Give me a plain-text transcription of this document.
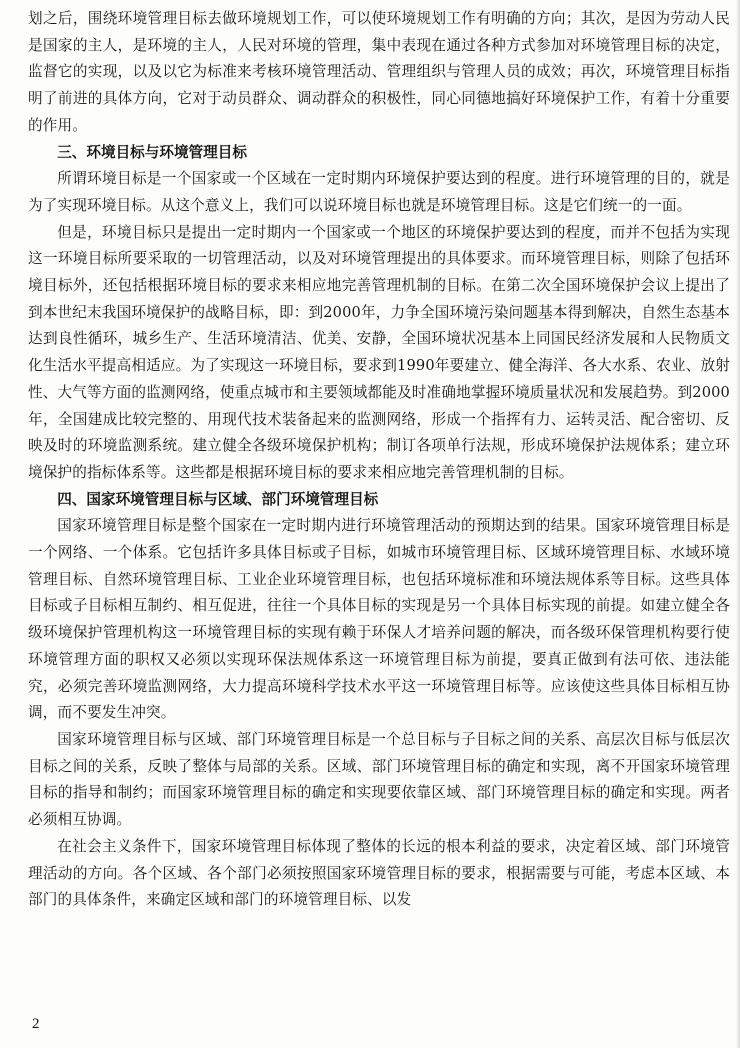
划之后，围绕环境管理目标去做环境规划工作，可以使环境规划工作有明确的方向；其次，是因为劳动人民是国家的主人，是环境的主人，人民对环境的管理，集中表现在通过各种方式参加对环境管理目标的决定，监督它的实现，以及以它为标准来考核环境管理活动、管理组织与管理人员的成效；再次，环境管理目标指明了前进的具体方向，它对于动员群众、调动群众的积极性，同心同德地搞好环境保护工作，有着十分重要的作用。

三、环境目标与环境管理目标

所谓环境目标是一个国家或一个区域在一定时期内环境保护要达到的程度。进行环境管理的目的，就是为了实现环境目标。从这个意义上，我们可以说环境目标也就是环境管理目标。这是它们统一的一面。

但是，环境目标只是提出一定时期内一个国家或一个地区的环境保护要达到的程度，而并不包括为实现这一环境目标所要采取的一切管理活动，以及对环境管理提出的具体要求。而环境管理目标，则除了包括环境目标外，还包括根据环境目标的要求来相应地完善管理机制的目标。在第二次全国环境保护会议上提出了到本世纪末我国环境保护的战略目标，即：到2000年，力争全国环境污染问题基本得到解决，自然生态基本达到良性循环，城乡生产、生活环境清洁、优美、安静，全国环境状况基本上同国民经济发展和人民物质文化生活水平提高相适应。为了实现这一环境目标，要求到1990年要建立、健全海洋、各大水系、农业、放射性、大气等方面的监测网络，使重点城市和主要领域都能及时准确地掌握环境质量状况和发展趋势。到2000年，全国建成比较完整的、用现代技术装备起来的监测网络，形成一个指挥有力、运转灵活、配合密切、反映及时的环境监测系统。建立健全各级环境保护机构；制订各项单行法规，形成环境保护法规体系；建立环境保护的指标体系等。这些都是根据环境目标的要求来相应地完善管理机制的目标。

四、国家环境管理目标与区域、部门环境管理目标

国家环境管理目标是整个国家在一定时期内进行环境管理活动的预期达到的结果。国家环境管理目标是一个网络、一个体系。它包括许多具体目标或子目标，如城市环境管理目标、区域环境管理目标、水域环境管理目标、自然环境管理目标、工业企业环境管理目标，也包括环境标准和环境法规体系等目标。这些具体目标或子目标相互制约、相互促进，往往一个具体目标的实现是另一个具体目标实现的前提。如建立健全各级环境保护管理机构这一环境管理目标的实现有赖于环保人才培养问题的解决，而各级环保管理机构要行使环境管理方面的职权又必须以实现环保法规体系这一环境管理目标为前提，要真正做到有法可依、违法能究，必须完善环境监测网络，大力提高环境科学技术水平这一环境管理目标等。应该使这些具体目标相互协调，而不要发生冲突。

国家环境管理目标与区域、部门环境管理目标是一个总目标与子目标之间的关系、高层次目标与低层次目标之间的关系，反映了整体与局部的关系。区域、部门环境管理目标的确定和实现，离不开国家环境管理目标的指导和制约；而国家环境管理目标的确定和实现要依靠区域、部门环境管理目标的确定和实现。两者必须相互协调。

在社会主义条件下，国家环境管理目标体现了整体的长远的根本利益的要求，决定着区域、部门环境管理活动的方向。各个区域、各个部门必须按照国家环境管理目标的要求，根据需要与可能，考虑本区域、本部门的具体条件，来确定区域和部门的环境管理目标、以发

2
